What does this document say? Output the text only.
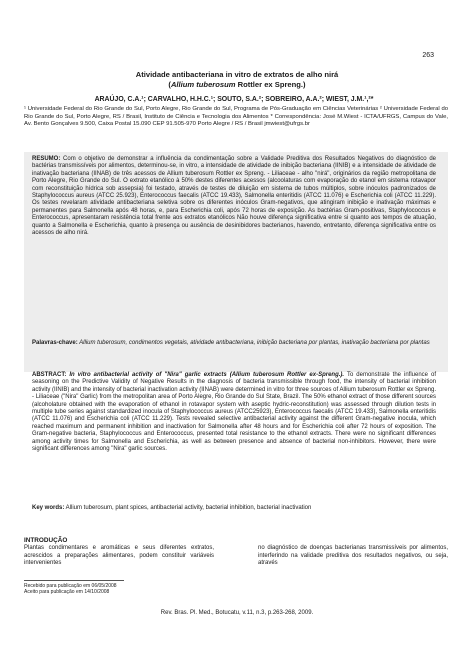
263
Atividade antibacteriana in vitro de extratos de alho nirá
(Allium tuberosum Rottler ex Spreng.)
ARAÚJO, C.A.¹; CARVALHO, H.H.C.¹; SOUTO, S.A.²; SOBREIRO, A.A.²; WIEST, J.M.¹,²*
¹ Universidade Federal do Rio Grande do Sul, Porto Alegre, Rio Grande do Sul, Programa de Pós-Graduação em Ciências Veterinárias ² Universidade Federal do Rio Grande do Sul, Porto Alegre, RS / Brasil, Instituto de Ciência e Tecnologia dos Alimentos * Correspondência: José M.Wiest - ICTA/UFRGS, Campus do Vale, Av. Bento Gonçalves 9.500, Caixa Postal 15.090 CEP 91.505-970 Porto Alegre / RS / Brasil jmwiest@ufrgs.br
RESUMO: Com o objetivo de demonstrar a influência da condimentação sobre a Validade Preditiva dos Resultados Negativos do diagnóstico de bactérias transmissíveis por alimentos, determinou-se, in vitro, a intensidade de atividade de inibição bacteriana (IINIB) e a intensidade de atividade de inativação bacteriana (IINAB) de três acessos de Allium tuberosum Rottler ex Spreng. - Liliaceae - alho "nirá", originários da região metropolitana de Porto Alegre, Rio Grande do Sul. O extrato etanólico à 50% destes diferentes acessos (alcoolaturas com evaporação do etanol em sistema rotavapor com reconstituição hídrica sob assepsia) foi testado, através de testes de diluição em sistema de tubos múltiplos, sobre inóculos padronizados de Staphylococcus aureus (ATCC 25.923), Enterococcus faecalis (ATCC 19.433), Salmonella enteritidis (ATCC 11.076) e Escherichia coli (ATCC 11.229). Os testes revelaram atividade antibacteriana seletiva sobre os diferentes inóculos Gram-negativos, que atingiram inibição e inativação máximas e permanentes para Salmonella após 48 horas, e, para Escherichia coli, após 72 horas de exposição. As bactérias Gram-positivas, Staphylococcus e Enterococcus, apresentaram resistência total frente aos extratos etanólicos Não houve diferença significativa entre si quanto aos tempos de atuação, quanto a Salmonella e Escherichia, quanto à presença ou ausência de desinibidores bacterianos, havendo, entretanto, diferença significativa entre os acessos de alho nirá.
Palavras-chave: Allium tuberosum, condimentos vegetais, atividade antibacteriana, inibição bacteriana por plantas, inativação bacteriana por plantas
ABSTRACT: In vitro antibacterial activity of "Nira" garlic extracts (Allium tuberosum Rottler ex-Spreng.). To demonstrate the influence of seasoning on the Predictive Validity of Negative Results in the diagnosis of bacteria transmissible through food, the intensity of bacterial inhibition activity (IINIB) and the intensity of bacterial inactivation activity (IINAB) were determined in vitro for three sources of Allium tuberosum Rottler ex Spreng. - Liliaceae ("Nira" Garlic) from the metropolitan area of Porto Alegre, Rio Grande do Sul State, Brazil. The 50% ethanol extract of those different sources (alcoholature obtained with the evaporation of ethanol in rotavapor system with aseptic hydric-reconstitution) was assessed through dilution tests in multiple tube series against standardized inocula of Staphylococcus aureus (ATCC25923), Enterococcus faecalis (ATCC 19.433), Salmonella enteritidis (ATCC 11.076) and Escherichia coli (ATCC 11.229). Tests revealed selective antibacterial activity against the different Gram-negative inocula, which reached maximum and permanent inhibition and inactivation for Salmonella after 48 hours and for Escherichia coli after 72 hours of exposition. The Gram-negative bacteria, Staphylococcus and Enterococcus, presented total resistance to the ethanol extracts. There were no significant differences among activity times for Salmonella and Escherichia, as well as between presence and absence of bacterial non-inhibitors. However, there were significant differences among "Nira" garlic sources.
Key words: Allium tuberosum, plant spices, antibacterial activity, bacterial inhibition, bacterial inactivation
INTRODUÇÃO
Plantas condimentares e aromáticas e seus diferentes extratos, acrescidos a preparações alimentares, podem constituir variáveis intervenientes
no diagnóstico de doenças bacterianas transmissíveis por alimentos, interferindo na validade preditiva dos resultados negativos, ou seja, através
Recebido para publicação em 06/05/2008
Aceito para publicação em 14/10/2008
Rev. Bras. Pl. Med., Botucatu, v.11, n.3, p.263-268, 2009.
